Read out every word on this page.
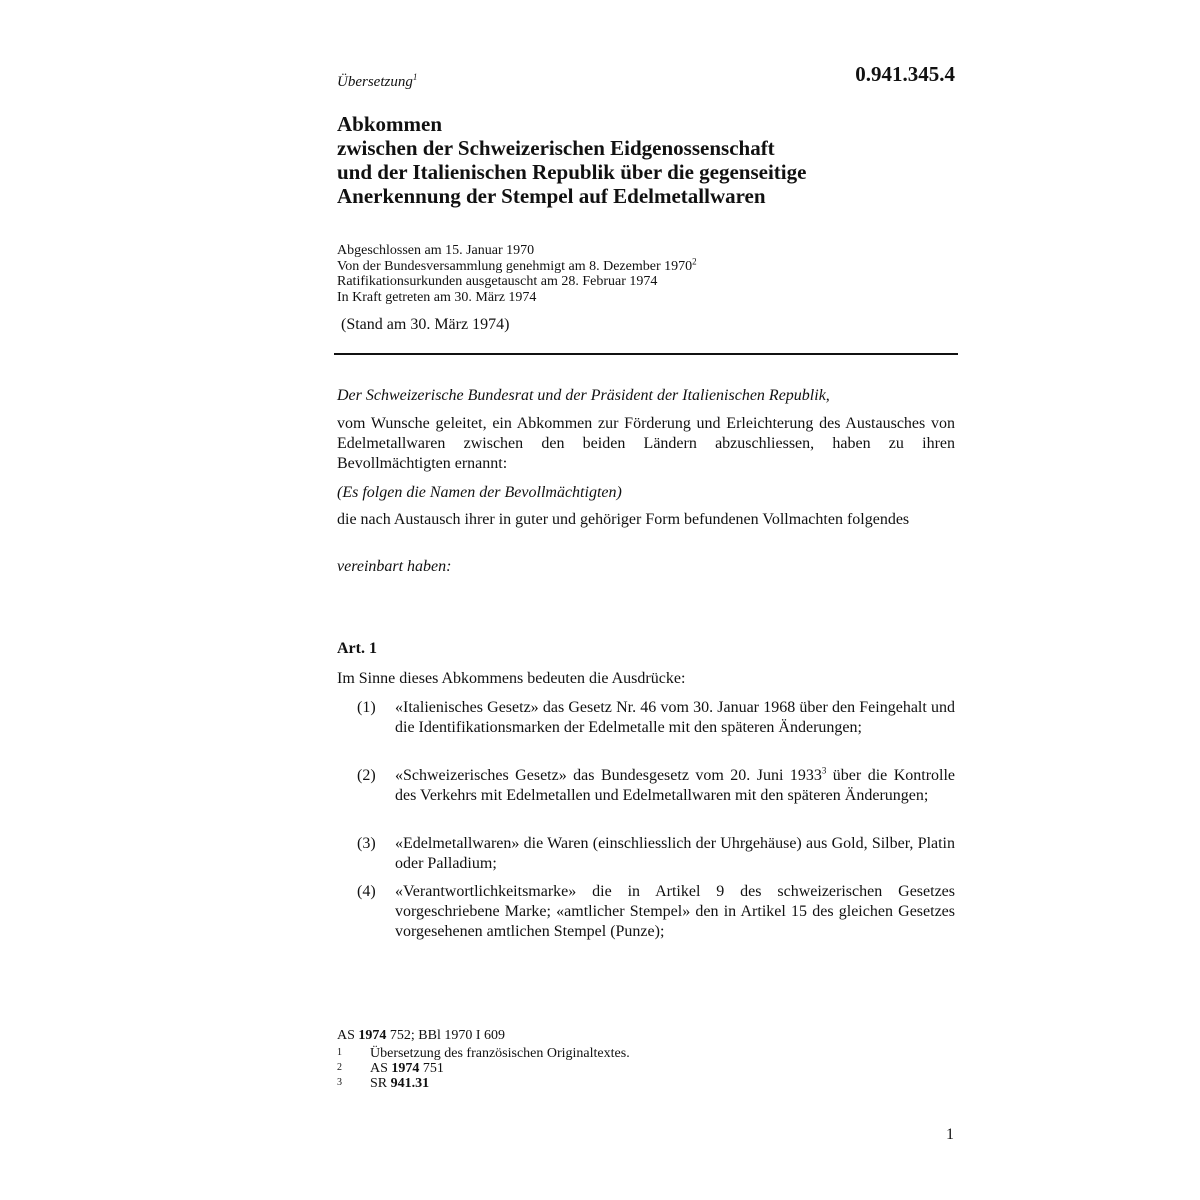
Übersetzung$^1$	0.941.345.4
Abkommen
zwischen der Schweizerischen Eidgenossenschaft
und der Italienischen Republik über die gegenseitige
Anerkennung der Stempel auf Edelmetallwaren
Abgeschlossen am 15. Januar 1970
Von der Bundesversammlung genehmigt am 8. Dezember 1970$^2$
Ratifikationsurkunden ausgetauscht am 28. Februar 1974
In Kraft getreten am 30. März 1974
(Stand am 30. März 1974)
Der Schweizerische Bundesrat und der Präsident der Italienischen Republik,
vom Wunsche geleitet, ein Abkommen zur Förderung und Erleichterung des Austausches von Edelmetallwaren zwischen den beiden Ländern abzuschliessen, haben zu ihren Bevollmächtigten ernannt:
(Es folgen die Namen der Bevollmächtigten)
die nach Austausch ihrer in guter und gehöriger Form befundenen Vollmachten folgendes
vereinbart haben:
Art. 1
Im Sinne dieses Abkommens bedeuten die Ausdrücke:
(1) «Italienisches Gesetz» das Gesetz Nr. 46 vom 30. Januar 1968 über den Feingehalt und die Identifikationsmarken der Edelmetalle mit den späteren Änderungen;
(2) «Schweizerisches Gesetz» das Bundesgesetz vom 20. Juni 1933$^3$ über die Kontrolle des Verkehrs mit Edelmetallen und Edelmetallwaren mit den späteren Änderungen;
(3) «Edelmetallwaren» die Waren (einschliesslich der Uhrgehäuse) aus Gold, Silber, Platin oder Palladium;
(4) «Verantwortlichkeitsmarke» die in Artikel 9 des schweizerischen Gesetzes vorgeschriebene Marke; «amtlicher Stempel» den in Artikel 15 des gleichen Gesetzes vorgesehenen amtlichen Stempel (Punze);
AS 1974 752; BBl 1970 I 609
1 Übersetzung des französischen Originaltextes.
2 AS 1974 751
3 SR 941.31
1
